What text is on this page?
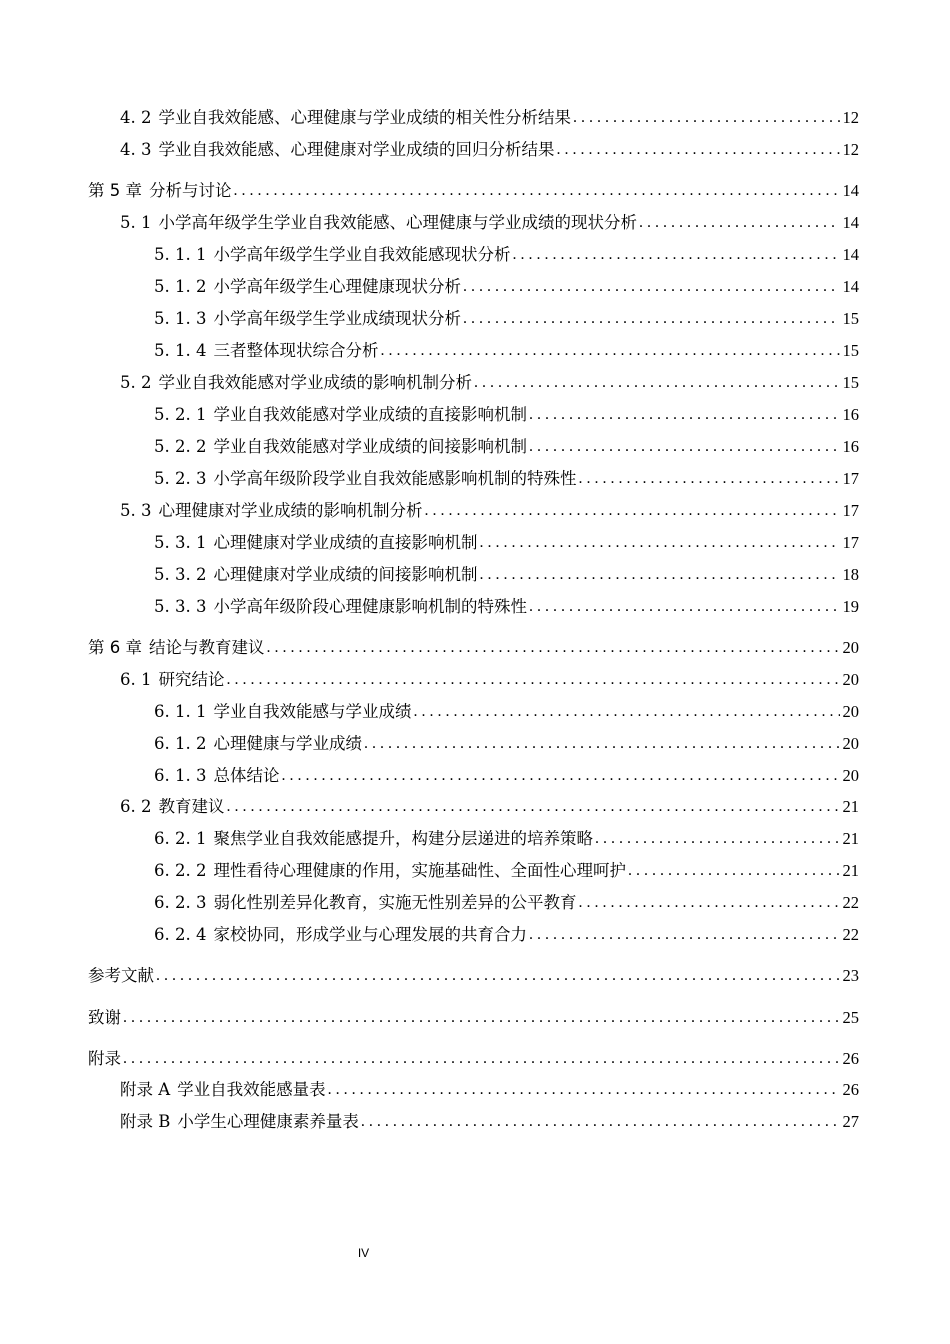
4. 2 学业自我效能感、心理健康与学业成绩的相关性分析结果 . . .	12
4. 3 学业自我效能感、心理健康对学业成绩的回归分析结果 . . .	12
第 5 章 分析与讨论 . . .	14
5. 1 小学高年级学生学业自我效能感、心理健康与学业成绩的现状分析 . . .	14
5. 1. 1 小学高年级学生学业自我效能感现状分析 . . .	14
5. 1. 2 小学高年级学生心理健康现状分析 . . .	14
5. 1. 3 小学高年级学生学业成绩现状分析 . . .	15
5. 1. 4 三者整体现状综合分析 . . .	15
5. 2 学业自我效能感对学业成绩的影响机制分析 . . .	15
5. 2. 1 学业自我效能感对学业成绩的直接影响机制 . . .	16
5. 2. 2 学业自我效能感对学业成绩的间接影响机制 . . .	16
5. 2. 3 小学高年级阶段学业自我效能感影响机制的特殊性 . . .	17
5. 3 心理健康对学业成绩的影响机制分析 . . .	17
5. 3. 1 心理健康对学业成绩的直接影响机制 . . .	17
5. 3. 2 心理健康对学业成绩的间接影响机制 . . .	18
5. 3. 3 小学高年级阶段心理健康影响机制的特殊性 . . .	19
第 6 章 结论与教育建议 . . .	20
6. 1 研究结论 . . .	20
6. 1. 1 学业自我效能感与学业成绩 . . .	20
6. 1. 2 心理健康与学业成绩 . . .	20
6. 1. 3 总体结论 . . .	20
6. 2 教育建议 . . .	21
6. 2. 1 聚焦学业自我效能感提升，构建分层递进的培养策略 . . .	21
6. 2. 2 理性看待心理健康的作用，实施基础性、全面性心理呵护 . . .	21
6. 2. 3 弱化性别差异化教育，实施无性别差异的公平教育 . . .	22
6. 2. 4 家校协同，形成学业与心理发展的共育合力 . . .	22
参考文献 . . .	23
致谢 . . .	25
附录 . . .	26
附录 A 学业自我效能感量表 . . .	26
附录 B 小学生心理健康素养量表 . . .	27
IV
